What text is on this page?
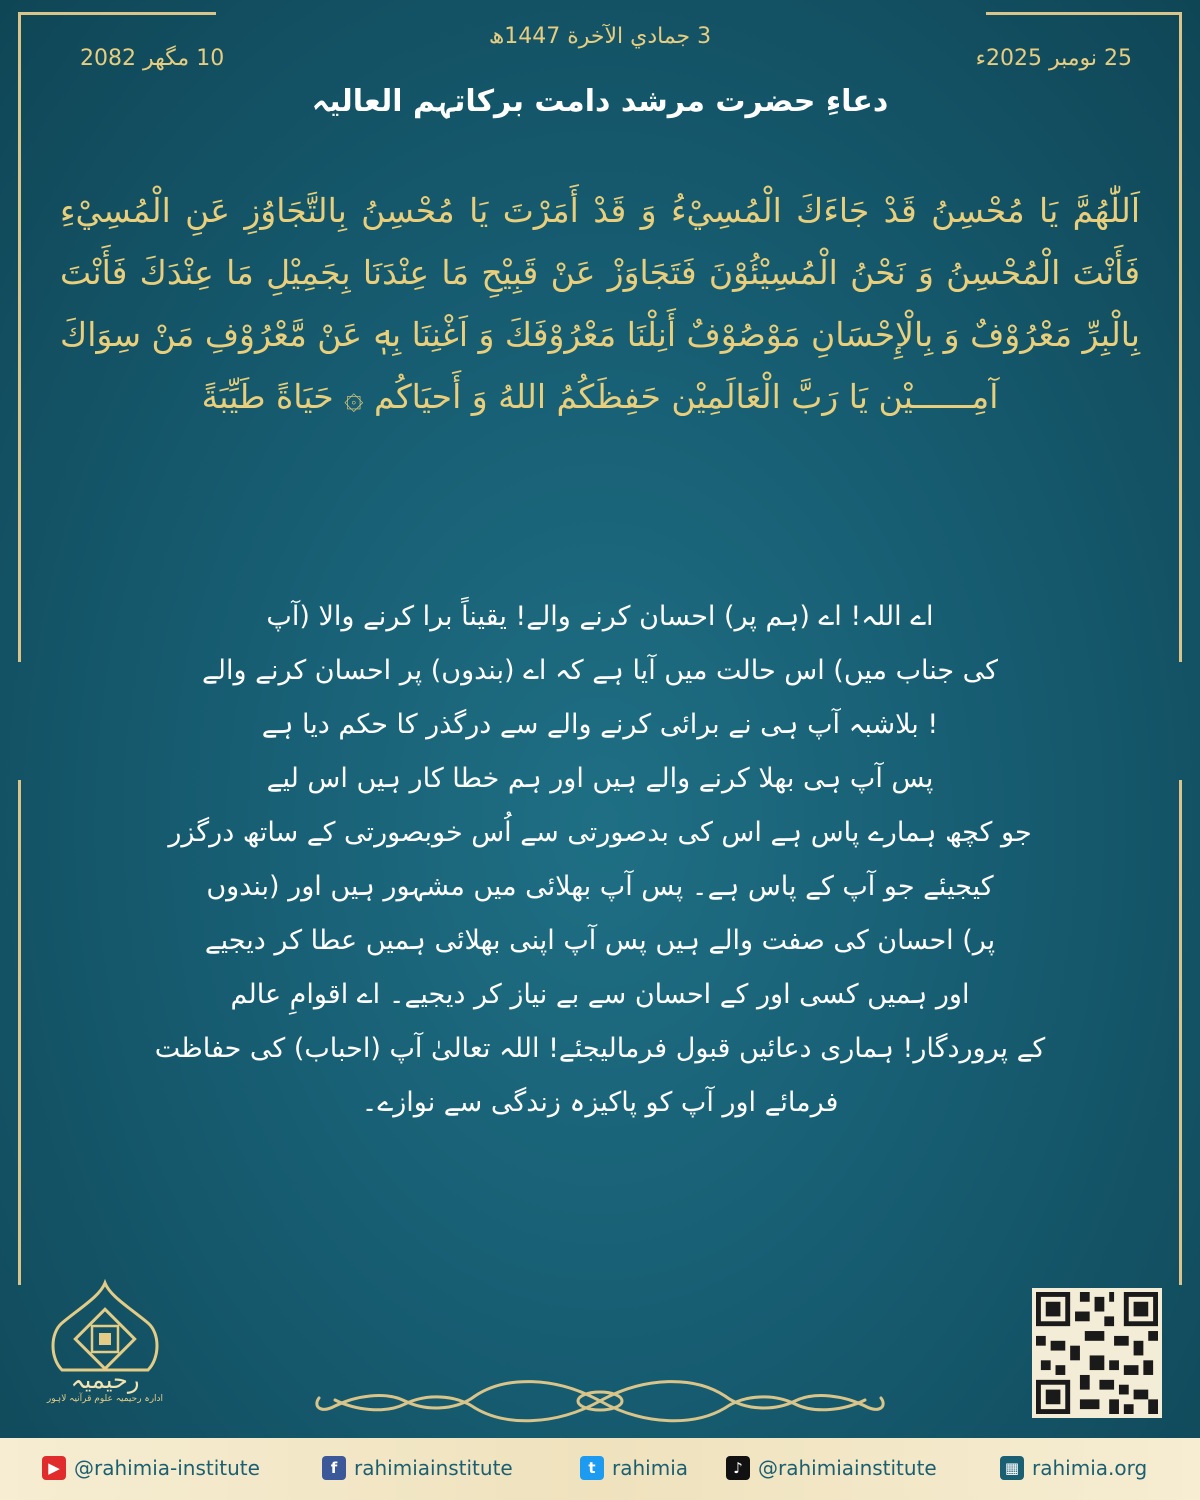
3 جمادي الآخرة 1447ھ
25 نومبر 2025ء
10 مگھر 2082
دعاءِ حضرت مرشد دامت برکاتہم العالیہ
اَللّٰهُمَّ يَا مُحْسِنُ قَدْ جَاءَكَ الْمُسِيْءُ وَ قَدْ أَمَرْتَ يَا مُحْسِنُ بِالتَّجَاوُزِ عَنِ الْمُسِيْءِ فَأَنْتَ الْمُحْسِنُ وَ نَحْنُ الْمُسِيْئُوْنَ فَتَجَاوَزْ عَنْ قَبِيْحِ مَا عِنْدَنَا بِجَمِيْلِ مَا عِنْدَكَ فَأَنْتَ بِالْبِرِّ مَعْرُوْفٌ وَ بِالْإِحْسَانِ مَوْصُوْفٌ أَنِلْنَا مَعْرُوْفَكَ وَ اَغْنِنَا بِهٖ عَنْ مَّعْرُوْفِ مَنْ سِوَاكَ آمِــــــيْن يَا رَبَّ الْعَالَمِيْن حَفِظَكُمُ اللهُ وَ أَحيَاكُم ۞ حَيَاةً طَيِّبَةً

اے اللہ! اے (ہم پر) احسان کرنے والے! یقیناً برا کرنے والا (آپ

کی جناب میں) اس حالت میں آیا ہے کہ اے (بندوں) پر احسان کرنے والے

! بلاشبہ آپ ہی نے برائی کرنے والے سے درگذر کا حکم دیا ہے

پس آپ ہی بھلا کرنے والے ہیں اور ہم خطا کار ہیں اس لیے

جو کچھ ہمارے پاس ہے اس کی بدصورتی سے اُس خوبصورتی کے ساتھ درگزر

کیجیئے جو آپ کے پاس ہے۔ پس آپ بھلائی میں مشہور ہیں اور (بندوں

پر) احسان کی صفت والے ہیں پس آپ اپنی بھلائی ہمیں عطا کر دیجیے

اور ہمیں کسی اور کے احسان سے بے نیاز کر دیجیے۔ اے اقوامِ عالم

کے پروردگار! ہماری دعائیں قبول فرمالیجئے! اللہ تعالیٰ آپ (احباب) کی حفاظت

فرمائے اور آپ کو پاکیزہ زندگی سے نوازے۔

رحیمیہ
ادارہ رحیمیہ علوم قرآنیہ لاہور
▶ @rahimia-institute	f rahimiainstitute	t rahimia	♪ @rahimiainstitute	▦ rahimia.org
